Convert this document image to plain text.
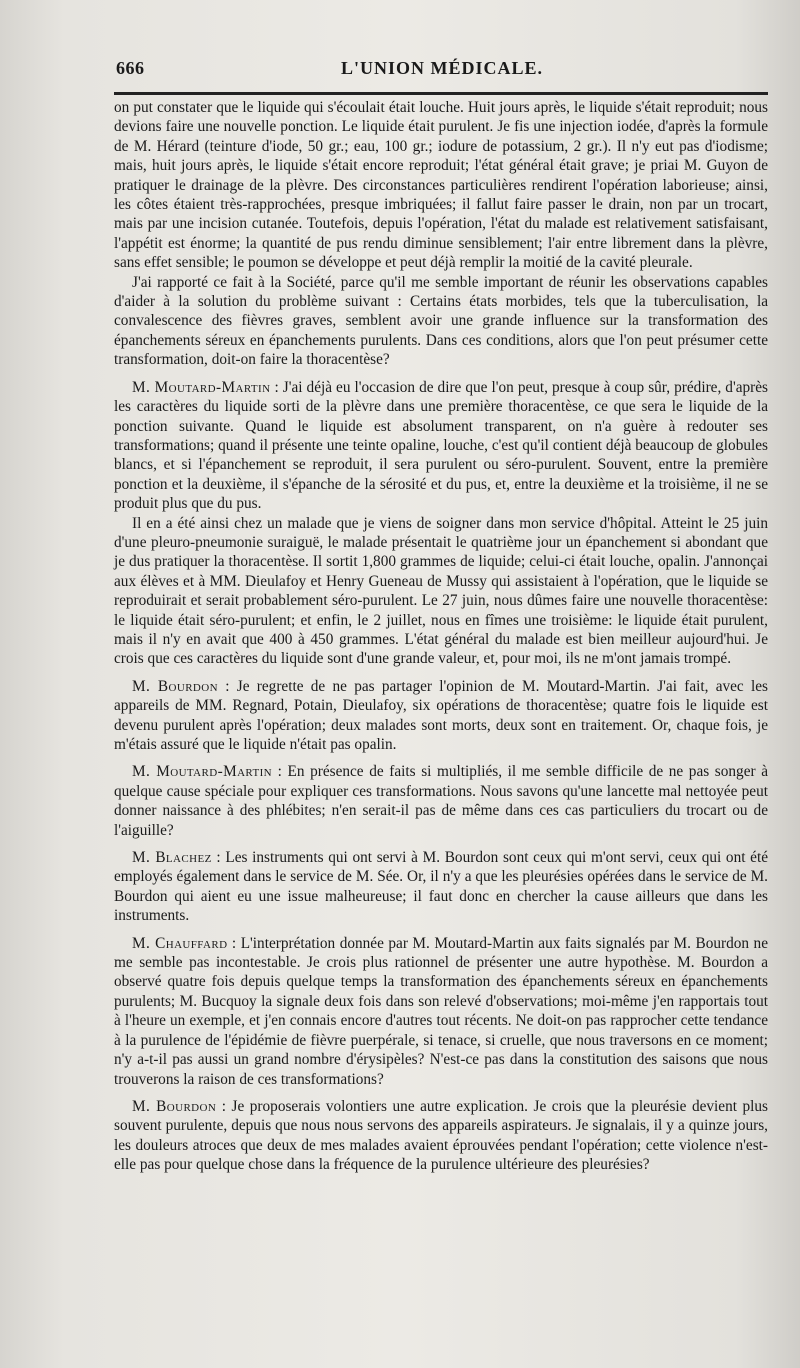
666	L'UNION MÉDICALE.

on put constater que le liquide qui s'écoulait était louche. Huit jours après, le liquide s'était reproduit; nous devions faire une nouvelle ponction. Le liquide était purulent. Je fis une injection iodée, d'après la formule de M. Hérard (teinture d'iode, 50 gr.; eau, 100 gr.; iodure de potassium, 2 gr.). Il n'y eut pas d'iodisme; mais, huit jours après, le liquide s'était encore reproduit; l'état général était grave; je priai M. Guyon de pratiquer le drainage de la plèvre. Des circonstances particulières rendirent l'opération laborieuse; ainsi, les côtes étaient très-rapprochées, presque imbriquées; il fallut faire passer le drain, non par un trocart, mais par une incision cutanée. Toutefois, depuis l'opération, l'état du malade est relativement satisfaisant, l'appétit est énorme; la quantité de pus rendu diminue sensiblement; l'air entre librement dans la plèvre, sans effet sensible; le poumon se développe et peut déjà remplir la moitié de la cavité pleurale.

J'ai rapporté ce fait à la Société, parce qu'il me semble important de réunir les observations capables d'aider à la solution du problème suivant : Certains états morbides, tels que la tuberculisation, la convalescence des fièvres graves, semblent avoir une grande influence sur la transformation des épanchements séreux en épanchements purulents. Dans ces conditions, alors que l'on peut présumer cette transformation, doit-on faire la thoracentèse?

M. Moutard-Martin : J'ai déjà eu l'occasion de dire que l'on peut, presque à coup sûr, prédire, d'après les caractères du liquide sorti de la plèvre dans une première thoracentèse, ce que sera le liquide de la ponction suivante. Quand le liquide est absolument transparent, on n'a guère à redouter ses transformations; quand il présente une teinte opaline, louche, c'est qu'il contient déjà beaucoup de globules blancs, et si l'épanchement se reproduit, il sera purulent ou séro-purulent. Souvent, entre la première ponction et la deuxième, il s'épanche de la sérosité et du pus, et, entre la deuxième et la troisième, il ne se produit plus que du pus.

Il en a été ainsi chez un malade que je viens de soigner dans mon service d'hôpital. Atteint le 25 juin d'une pleuro-pneumonie suraiguë, le malade présentait le quatrième jour un épanchement si abondant que je dus pratiquer la thoracentèse. Il sortit 1,800 grammes de liquide; celui-ci était louche, opalin. J'annonçai aux élèves et à MM. Dieulafoy et Henry Gueneau de Mussy qui assistaient à l'opération, que le liquide se reproduirait et serait probablement séro-purulent. Le 27 juin, nous dûmes faire une nouvelle thoracentèse: le liquide était séro-purulent; et enfin, le 2 juillet, nous en fîmes une troisième: le liquide était purulent, mais il n'y en avait que 400 à 450 grammes. L'état général du malade est bien meilleur aujourd'hui. Je crois que ces caractères du liquide sont d'une grande valeur, et, pour moi, ils ne m'ont jamais trompé.

M. Bourdon : Je regrette de ne pas partager l'opinion de M. Moutard-Martin. J'ai fait, avec les appareils de MM. Regnard, Potain, Dieulafoy, six opérations de thoracentèse; quatre fois le liquide est devenu purulent après l'opération; deux malades sont morts, deux sont en traitement. Or, chaque fois, je m'étais assuré que le liquide n'était pas opalin.

M. Moutard-Martin : En présence de faits si multipliés, il me semble difficile de ne pas songer à quelque cause spéciale pour expliquer ces transformations. Nous savons qu'une lancette mal nettoyée peut donner naissance à des phlébites; n'en serait-il pas de même dans ces cas particuliers du trocart ou de l'aiguille?

M. Blachez : Les instruments qui ont servi à M. Bourdon sont ceux qui m'ont servi, ceux qui ont été employés également dans le service de M. Sée. Or, il n'y a que les pleurésies opérées dans le service de M. Bourdon qui aient eu une issue malheureuse; il faut donc en chercher la cause ailleurs que dans les instruments.

M. Chauffard : L'interprétation donnée par M. Moutard-Martin aux faits signalés par M. Bourdon ne me semble pas incontestable. Je crois plus rationnel de présenter une autre hypothèse. M. Bourdon a observé quatre fois depuis quelque temps la transformation des épanchements séreux en épanchements purulents; M. Bucquoy la signale deux fois dans son relevé d'observations; moi-même j'en rapportais tout à l'heure un exemple, et j'en connais encore d'autres tout récents. Ne doit-on pas rapprocher cette tendance à la purulence de l'épidémie de fièvre puerpérale, si tenace, si cruelle, que nous traversons en ce moment; n'y a-t-il pas aussi un grand nombre d'érysipèles? N'est-ce pas dans la constitution des saisons que nous trouverons la raison de ces transformations?

M. Bourdon : Je proposerais volontiers une autre explication. Je crois que la pleurésie devient plus souvent purulente, depuis que nous nous servons des appareils aspirateurs. Je signalais, il y a quinze jours, les douleurs atroces que deux de mes malades avaient éprouvées pendant l'opération; cette violence n'est-elle pas pour quelque chose dans la fréquence de la purulence ultérieure des pleurésies?
